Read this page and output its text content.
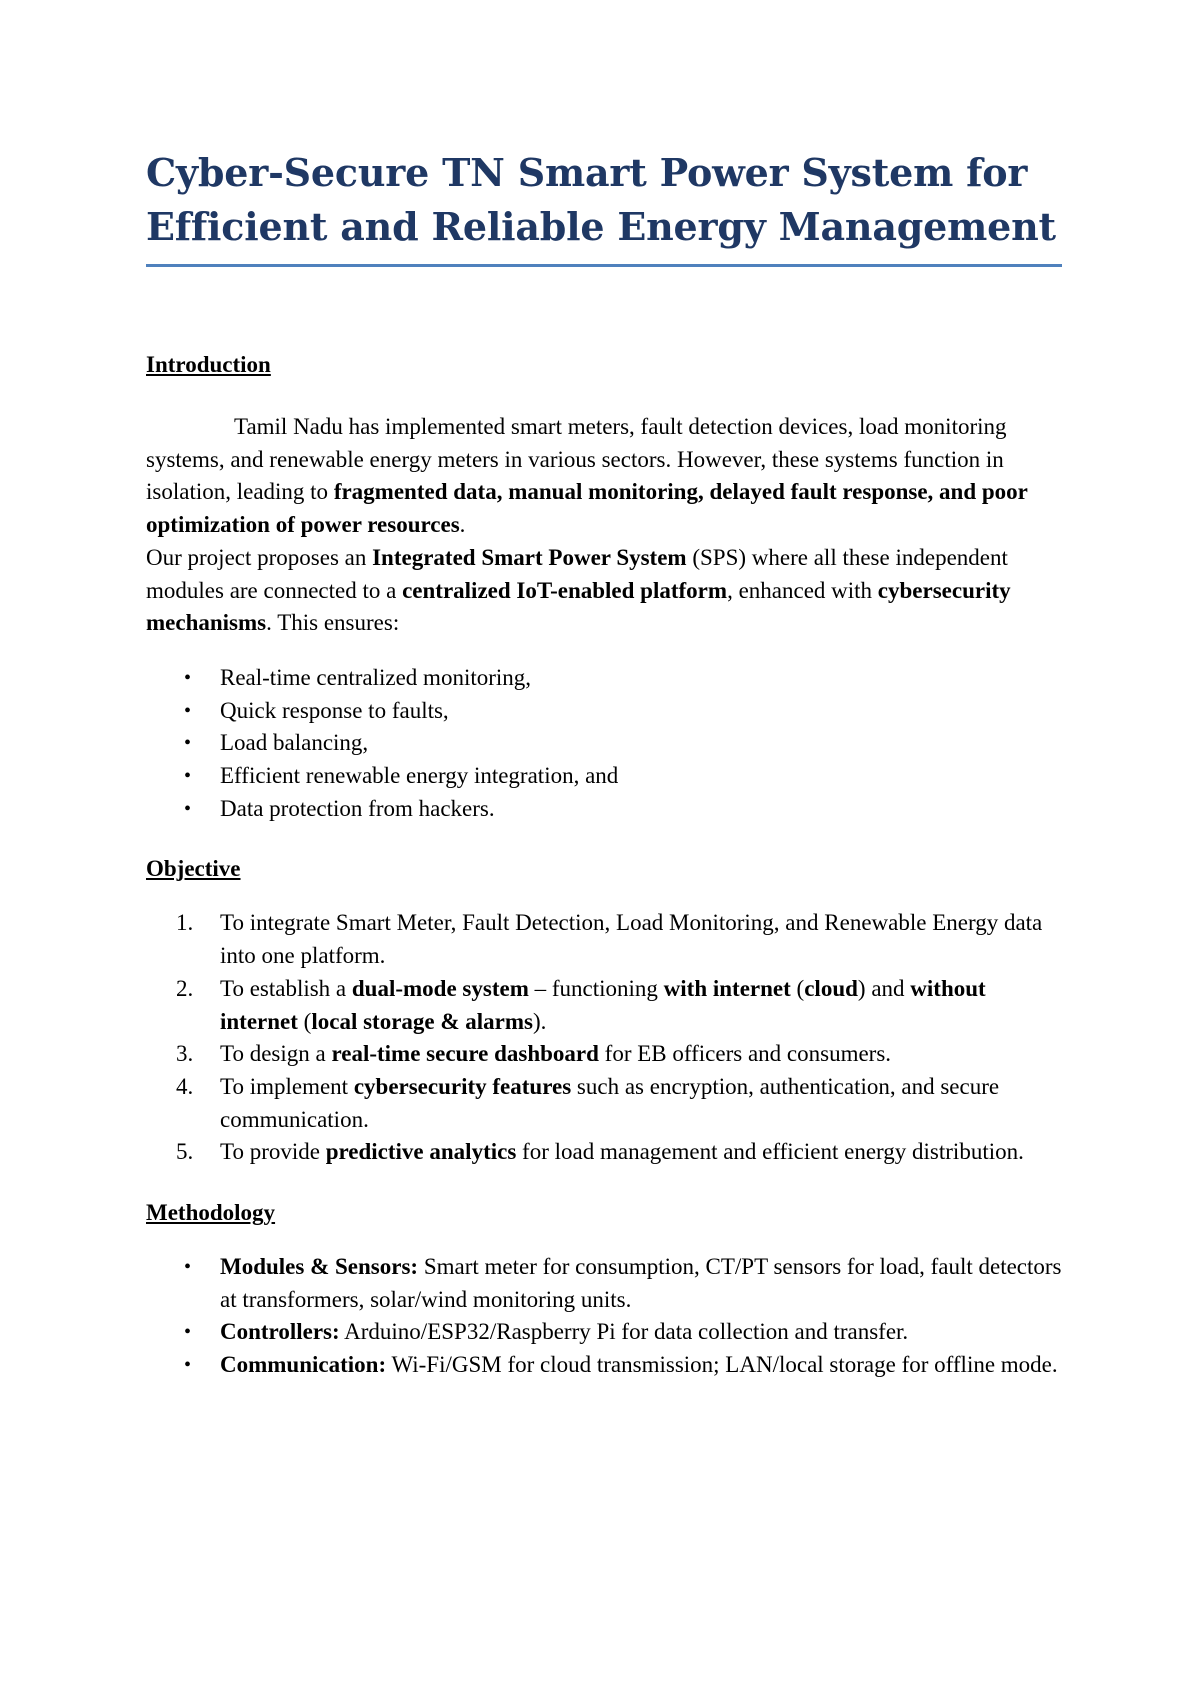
Cyber-Secure TN Smart Power System for
Efficient and Reliable Energy Management
Introduction

Tamil Nadu has implemented smart meters, fault detection devices, load monitoring systems, and renewable energy meters in various sectors. However, these systems function in isolation, leading to fragmented data, manual monitoring, delayed fault response, and poor optimization of power resources.

Our project proposes an Integrated Smart Power System (SPS) where all these independent modules are connected to a centralized IoT-enabled platform, enhanced with cybersecurity mechanisms. This ensures:

• Real-time centralized monitoring,
• Quick response to faults,
• Load balancing,
• Efficient renewable energy integration, and
• Data protection from hackers.
Objective
1. To integrate Smart Meter, Fault Detection, Load Monitoring, and Renewable Energy data into one platform.
2. To establish a dual-mode system – functioning with internet (cloud) and without internet (local storage & alarms).
3. To design a real-time secure dashboard for EB officers and consumers.
4. To implement cybersecurity features such as encryption, authentication, and secure communication.
5. To provide predictive analytics for load management and efficient energy distribution.
Methodology
• Modules & Sensors: Smart meter for consumption, CT/PT sensors for load, fault detectors at transformers, solar/wind monitoring units.
• Controllers: Arduino/ESP32/Raspberry Pi for data collection and transfer.
• Communication: Wi-Fi/GSM for cloud transmission; LAN/local storage for offline mode.
